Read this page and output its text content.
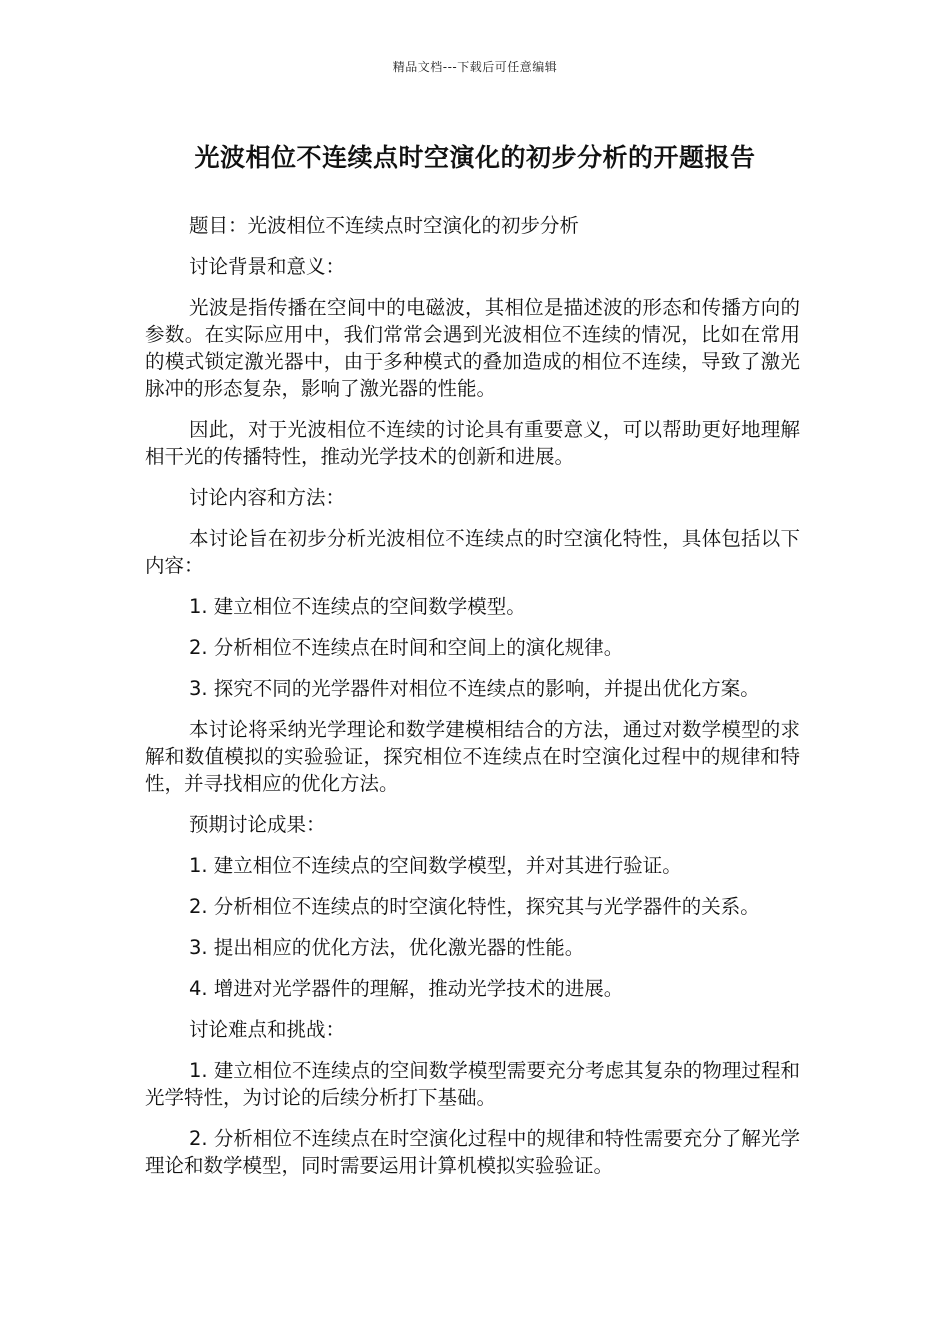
精品文档---下载后可任意编辑
光波相位不连续点时空演化的初步分析的开题报告

题目：光波相位不连续点时空演化的初步分析

讨论背景和意义：

光波是指传播在空间中的电磁波，其相位是描述波的形态和传播方向的参数。在实际应用中，我们常常会遇到光波相位不连续的情况，比如在常用的模式锁定激光器中，由于多种模式的叠加造成的相位不连续，导致了激光脉冲的形态复杂，影响了激光器的性能。

因此，对于光波相位不连续的讨论具有重要意义，可以帮助更好地理解相干光的传播特性，推动光学技术的创新和进展。

讨论内容和方法：

本讨论旨在初步分析光波相位不连续点的时空演化特性，具体包括以下内容：

1. 建立相位不连续点的空间数学模型。

2. 分析相位不连续点在时间和空间上的演化规律。

3. 探究不同的光学器件对相位不连续点的影响，并提出优化方案。

本讨论将采纳光学理论和数学建模相结合的方法，通过对数学模型的求解和数值模拟的实验验证，探究相位不连续点在时空演化过程中的规律和特性，并寻找相应的优化方法。

预期讨论成果：

1. 建立相位不连续点的空间数学模型，并对其进行验证。

2. 分析相位不连续点的时空演化特性，探究其与光学器件的关系。

3. 提出相应的优化方法，优化激光器的性能。

4. 增进对光学器件的理解，推动光学技术的进展。

讨论难点和挑战：

1. 建立相位不连续点的空间数学模型需要充分考虑其复杂的物理过程和光学特性，为讨论的后续分析打下基础。

2. 分析相位不连续点在时空演化过程中的规律和特性需要充分了解光学理论和数学模型，同时需要运用计算机模拟实验验证。
